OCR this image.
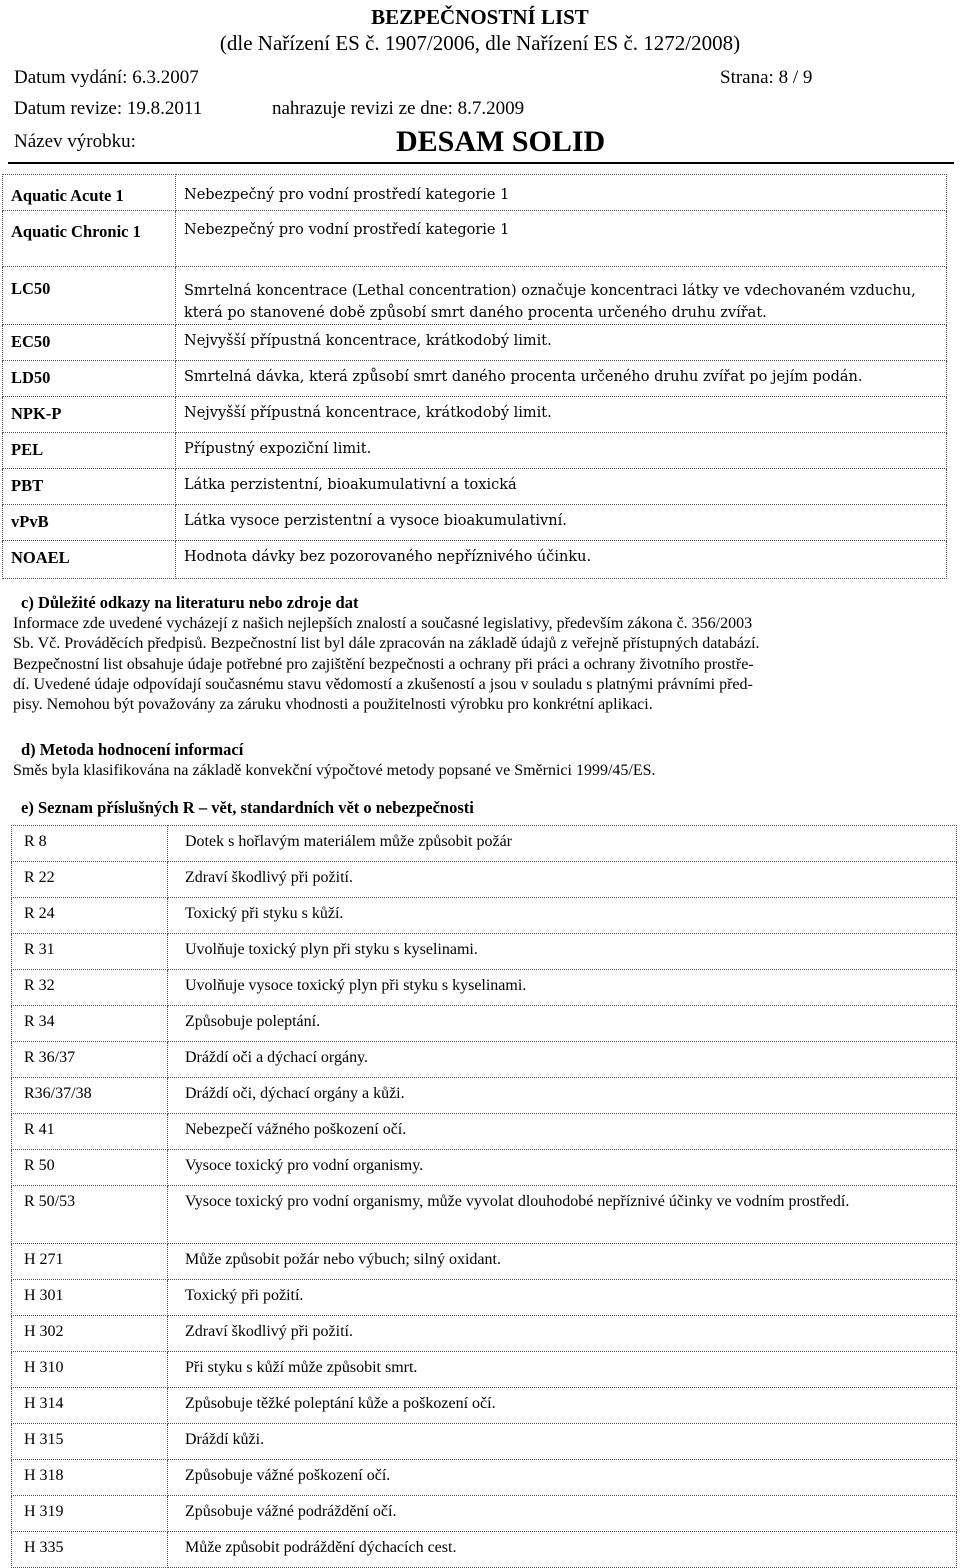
BEZPEČNOSTNÍ LIST
(dle Nařízení ES č. 1907/2006, dle Nařízení ES č. 1272/2008)
Datum vydání: 6.3.2007	Strana: 8 / 9
Datum revize: 19.8.2011	nahrazuje revizi ze dne: 8.7.2009
Název výrobku:	DESAM SOLID
Aquatic Acute 1	Nebezpečný pro vodní prostředí kategorie 1
Aquatic Chronic 1	Nebezpečný pro vodní prostředí kategorie 1
LC50	Smrtelná koncentrace (Lethal concentration) označuje koncentraci látky ve vdechovaném vzduchu, která po stanovené době způsobí smrt daného procenta určeného druhu zvířat.
EC50	Nejvyšší přípustná koncentrace, krátkodobý limit.
LD50	Smrtelná dávka, která způsobí smrt daného procenta určeného druhu zvířat po jejím podán.
NPK-P	Nejvyšší přípustná koncentrace, krátkodobý limit.
PEL	Přípustný expoziční limit.
PBT	Látka perzistentní, bioakumulativní a toxická
vPvB	Látka vysoce perzistentní a vysoce bioakumulativní.
NOAEL	Hodnota dávky bez pozorovaného nepříznivého účinku.
c) Důležité odkazy na literaturu nebo zdroje dat

Informace zde uvedené vycházejí z našich nejlepších znalostí a současné legislativy, především zákona č. 356/2003

Sb. Vč. Prováděcích předpisů. Bezpečnostní list byl dále zpracován na základě údajů z veřejně přístupných databází.

Bezpečnostní list obsahuje údaje potřebné pro zajištění bezpečnosti a ochrany při práci a ochrany životního prostře-

dí. Uvedené údaje odpovídají současnému stavu vědomostí a zkušeností a jsou v souladu s platnými právními před-

pisy. Nemohou být považovány za záruku vhodnosti a použitelnosti výrobku pro konkrétní aplikaci.

d) Metoda hodnocení informací

Směs byla klasifikována na základě konvekční výpočtové metody popsané ve Směrnici 1999/45/ES.

e) Seznam příslušných R – vět, standardních vět o nebezpečnosti
R 8	Dotek s hořlavým materiálem může způsobit požár
R 22	Zdraví škodlivý při požití.
R 24	Toxický při styku s kůží.
R 31	Uvolňuje toxický plyn při styku s kyselinami.
R 32	Uvolňuje vysoce toxický plyn při styku s kyselinami.
R 34	Způsobuje poleptání.
R 36/37	Dráždí oči a dýchací orgány.
R36/37/38	Dráždí oči, dýchací orgány a kůži.
R 41	Nebezpečí vážného poškození očí.
R 50	Vysoce toxický pro vodní organismy.
R 50/53	Vysoce toxický pro vodní organismy, může vyvolat dlouhodobé nepříznivé účinky ve vodním prostředí.
H 271	Může způsobit požár nebo výbuch; silný oxidant.
H 301	Toxický při požití.
H 302	Zdraví škodlivý při požití.
H 310	Při styku s kůží může způsobit smrt.
H 314	Způsobuje těžké poleptání kůže a poškození očí.
H 315	Dráždí kůži.
H 318	Způsobuje vážné poškození očí.
H 319	Způsobuje vážné podráždění očí.
H 335	Může způsobit podráždění dýchacích cest.
